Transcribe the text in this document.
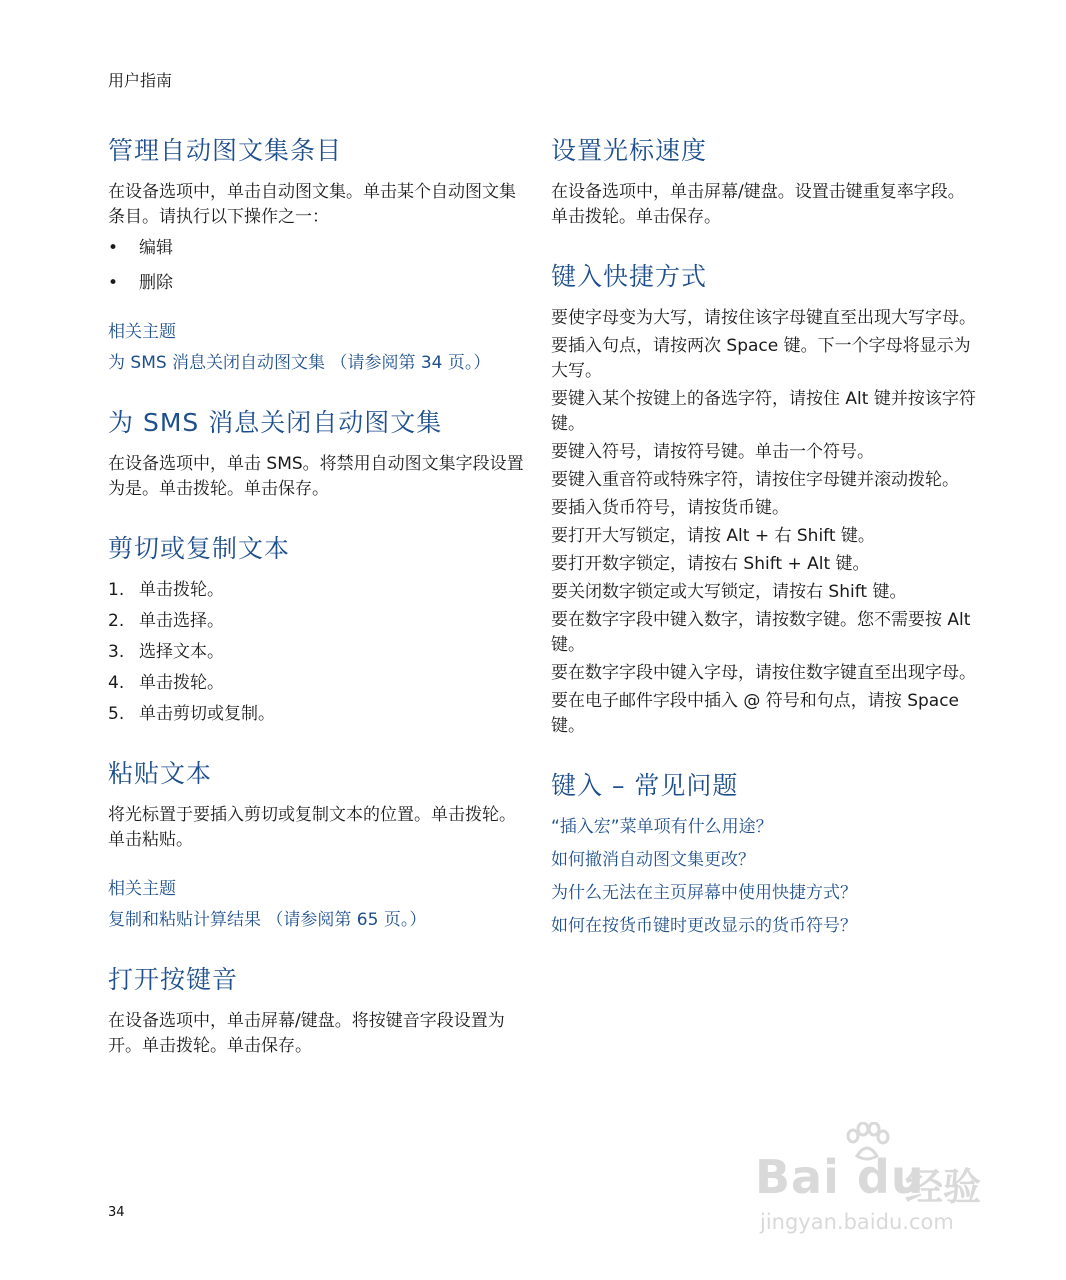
用户指南
管理自动图文集条目

在设备选项中，单击自动图文集。单击某个自动图文集条目。请执行以下操作之一：

• 编辑
• 删除
相关主题
为 SMS 消息关闭自动图文集 （请参阅第 34 页。）
为 SMS 消息关闭自动图文集

在设备选项中，单击 SMS。将禁用自动图文集字段设置为是。单击拨轮。单击保存。

剪切或复制文本
1. 单击拨轮。
2. 单击选择。
3. 选择文本。
4. 单击拨轮。
5. 单击剪切或复制。
粘贴文本

将光标置于要插入剪切或复制文本的位置。单击拨轮。单击粘贴。

相关主题
复制和粘贴计算结果 （请参阅第 65 页。）
打开按键音

在设备选项中，单击屏幕/键盘。将按键音字段设置为开。单击拨轮。单击保存。

设置光标速度

在设备选项中，单击屏幕/键盘。设置击键重复率字段。单击拨轮。单击保存。

键入快捷方式

要使字母变为大写，请按住该字母键直至出现大写字母。

要插入句点，请按两次 Space 键。下一个字母将显示为大写。

要键入某个按键上的备选字符，请按住 Alt 键并按该字符键。

要键入符号，请按符号键。单击一个符号。

要键入重音符或特殊字符，请按住字母键并滚动拨轮。

要插入货币符号，请按货币键。

要打开大写锁定，请按 Alt + 右 Shift 键。

要打开数字锁定，请按右 Shift + Alt 键。

要关闭数字锁定或大写锁定，请按右 Shift 键。

要在数字字段中键入数字，请按数字键。您不需要按 Alt 键。

要在数字字段中键入字母，请按住数字键直至出现字母。

要在电子邮件字段中插入 @ 符号和句点，请按 Space 键。

键入 – 常见问题
“插入宏”菜单项有什么用途？
如何撤消自动图文集更改？
为什么无法在主页屏幕中使用快捷方式？
如何在按货币键时更改显示的货币符号？
34
Bai du
经验
jingyan.baidu.com
